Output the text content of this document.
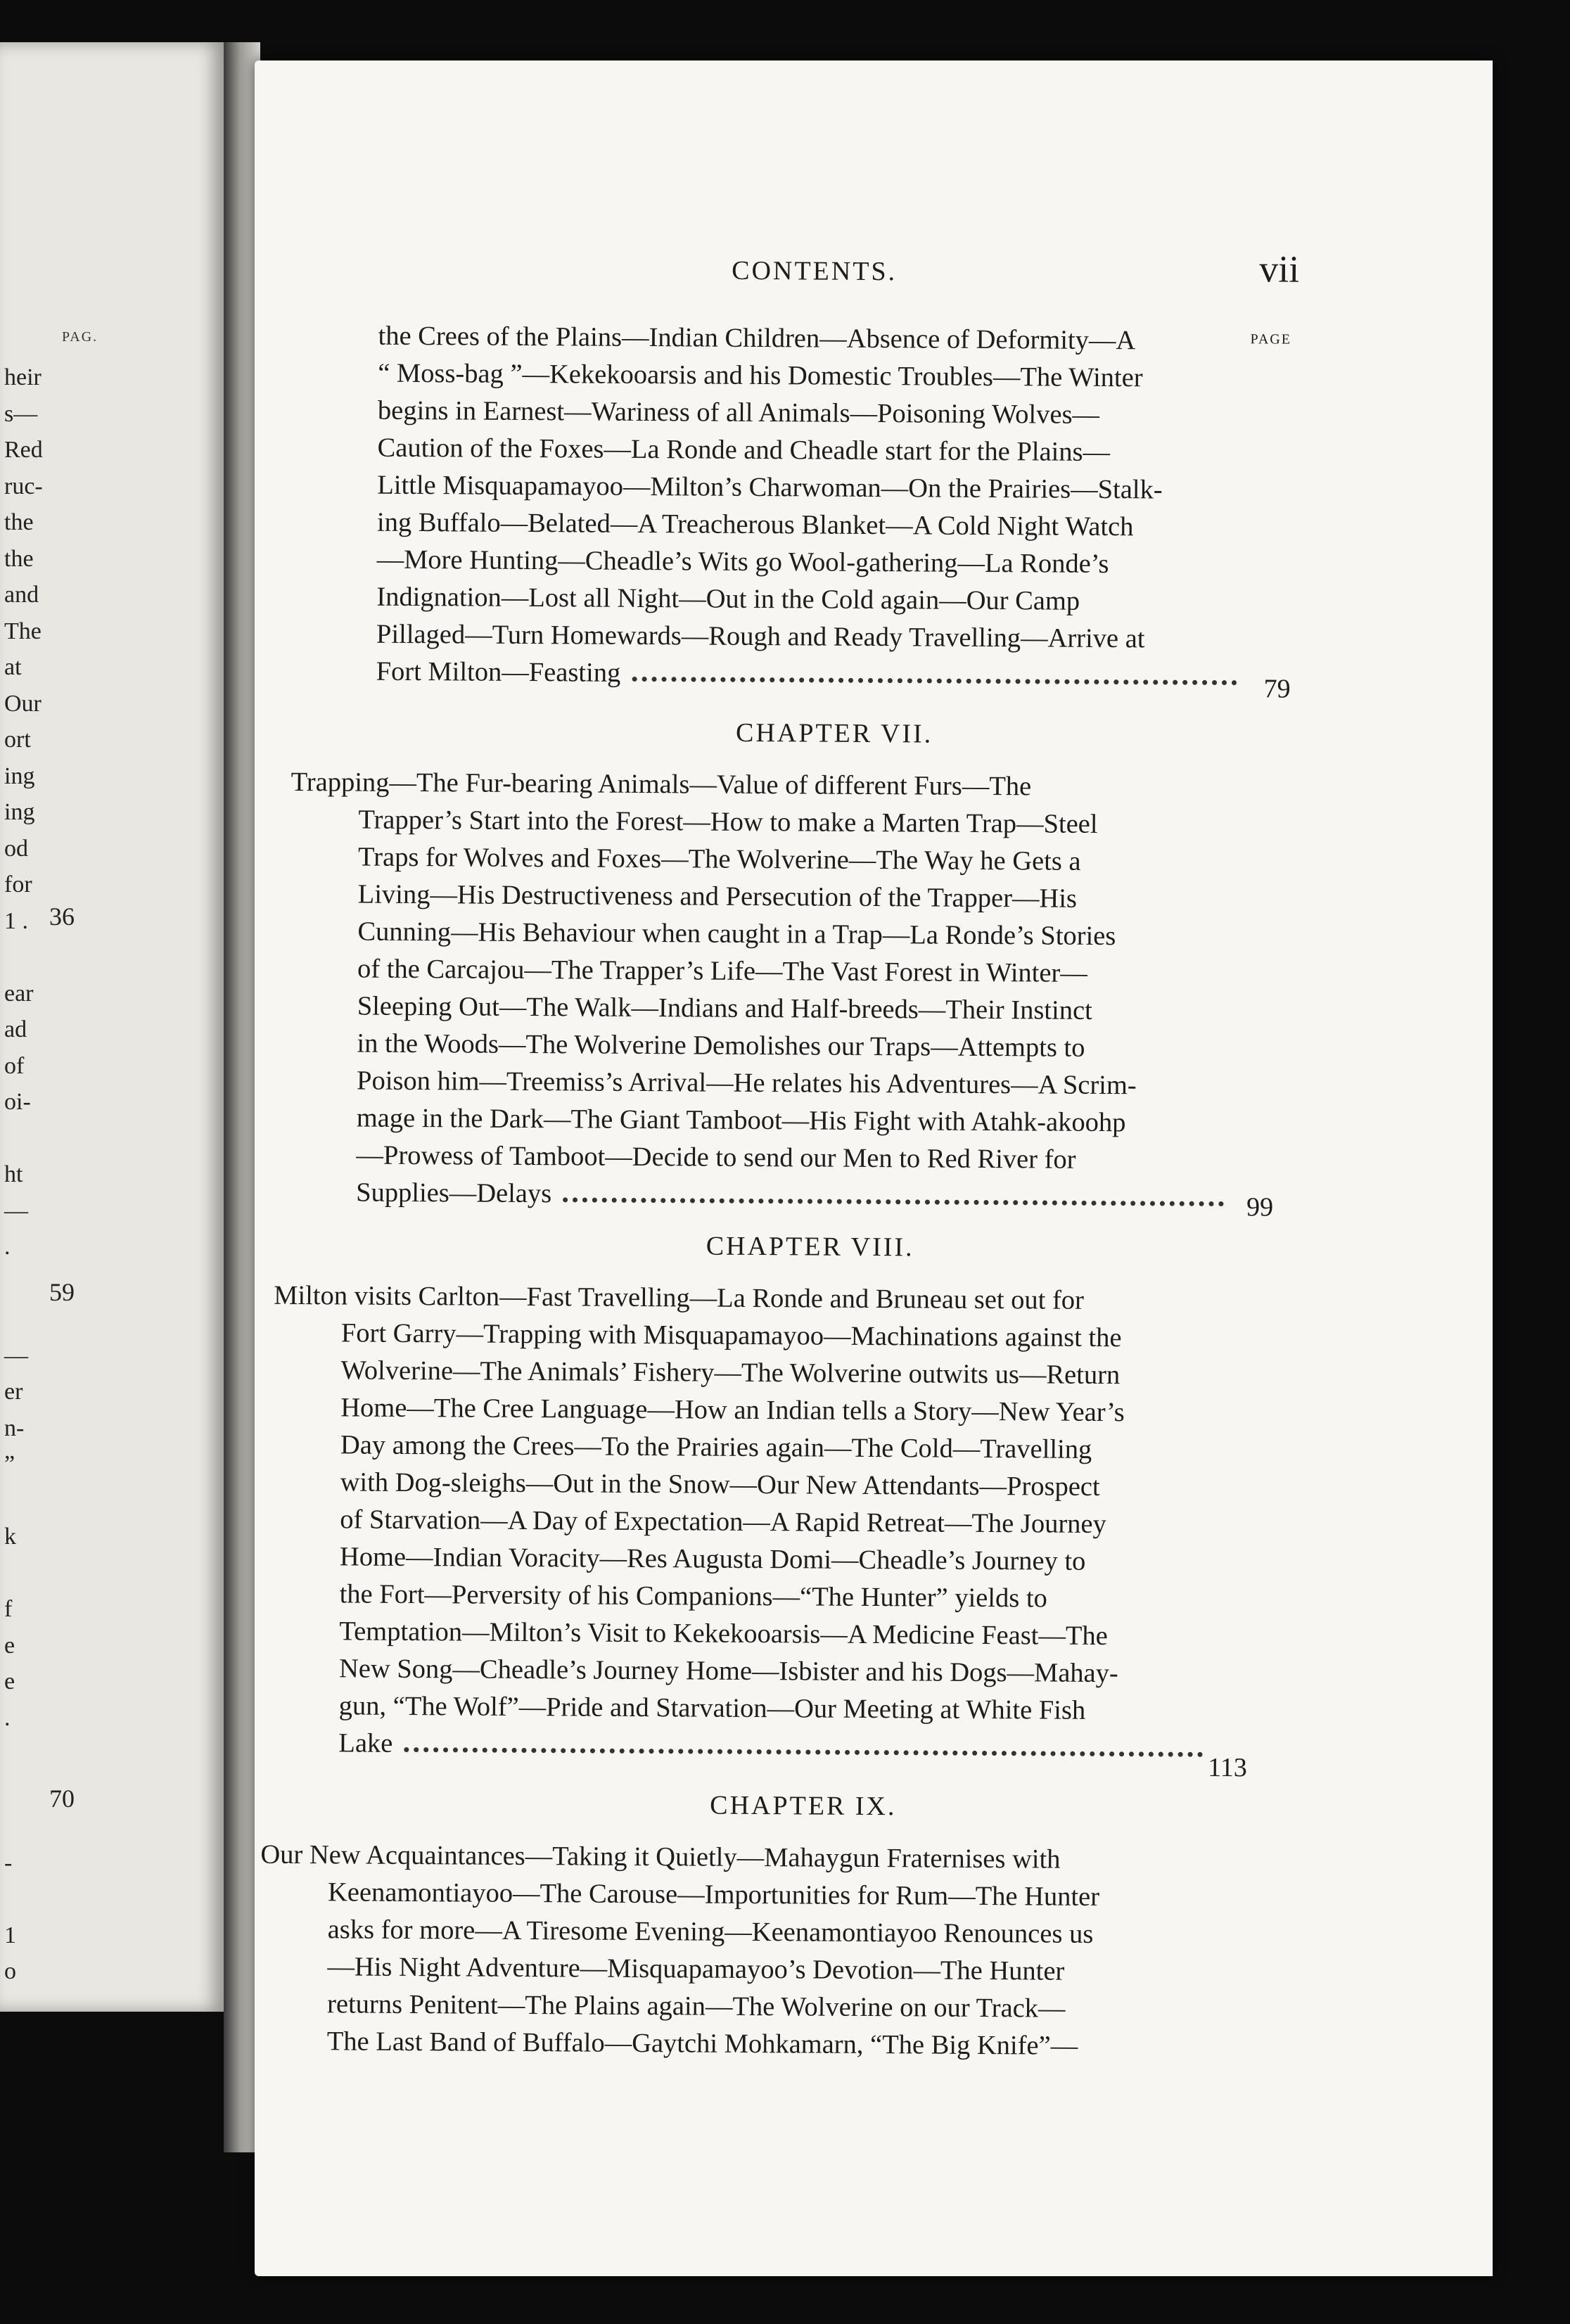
PAG.
heir
s—
Red
ruc-
the
the
and
The
at
Our
ort
ing
ing
od
for
1 .
ear
ad
of
oi-
ht
—
.
—
er
n-
”
k
f
e
e
.
-
1
o
36
59
70
CONTENTS.	vii
PAGE
the Crees of the Plains—Indian Children—Absence of Deformity—A
“ Moss-bag ”—Kekekooarsis and his Domestic Troubles—The Winter
begins in Earnest—Wariness of all Animals—Poisoning Wolves—
Caution of the Foxes—La Ronde and Cheadle start for the Plains—
Little Misquapamayoo—Milton’s Charwoman—On the Prairies—Stalk-
ing Buffalo—Belated—A Treacherous Blanket—A Cold Night Watch
—More Hunting—Cheadle’s Wits go Wool-gathering—La Ronde’s
Indignation—Lost all Night—Out in the Cold again—Our Camp
Pillaged—Turn Homewards—Rough and Ready Travelling—Arrive at
Fort Milton—Feasting
79
CHAPTER VII.
Trapping—The Fur-bearing Animals—Value of different Furs—The
Trapper’s Start into the Forest—How to make a Marten Trap—Steel
Traps for Wolves and Foxes—The Wolverine—The Way he Gets a
Living—His Destructiveness and Persecution of the Trapper—His
Cunning—His Behaviour when caught in a Trap—La Ronde’s Stories
of the Carcajou—The Trapper’s Life—The Vast Forest in Winter—
Sleeping Out—The Walk—Indians and Half-breeds—Their Instinct
in the Woods—The Wolverine Demolishes our Traps—Attempts to
Poison him—Treemiss’s Arrival—He relates his Adventures—A Scrim-
mage in the Dark—The Giant Tamboot—His Fight with Atahk-akoohp
—Prowess of Tamboot—Decide to send our Men to Red River for
Supplies—Delays	99
CHAPTER VIII.
Milton visits Carlton—Fast Travelling—La Ronde and Bruneau set out for
Fort Garry—Trapping with Misquapamayoo—Machinations against the
Wolverine—The Animals’ Fishery—The Wolverine outwits us—Return
Home—The Cree Language—How an Indian tells a Story—New Year’s
Day among the Crees—To the Prairies again—The Cold—Travelling
with Dog-sleighs—Out in the Snow—Our New Attendants—Prospect
of Starvation—A Day of Expectation—A Rapid Retreat—The Journey
Home—Indian Voracity—Res Augusta Domi—Cheadle’s Journey to
the Fort—Perversity of his Companions—“The Hunter” yields to
Temptation—Milton’s Visit to Kekekooarsis—A Medicine Feast—The
New Song—Cheadle’s Journey Home—Isbister and his Dogs—Mahay-
gun, “The Wolf”—Pride and Starvation—Our Meeting at White Fish
Lake
113
CHAPTER IX.
Our New Acquaintances—Taking it Quietly—Mahaygun Fraternises with
Keenamontiayoo—The Carouse—Importunities for Rum—The Hunter
asks for more—A Tiresome Evening—Keenamontiayoo Renounces us
—His Night Adventure—Misquapamayoo’s Devotion—The Hunter
returns Penitent—The Plains again—The Wolverine on our Track—
The Last Band of Buffalo—Gaytchi Mohkamarn, “The Big Knife”—
